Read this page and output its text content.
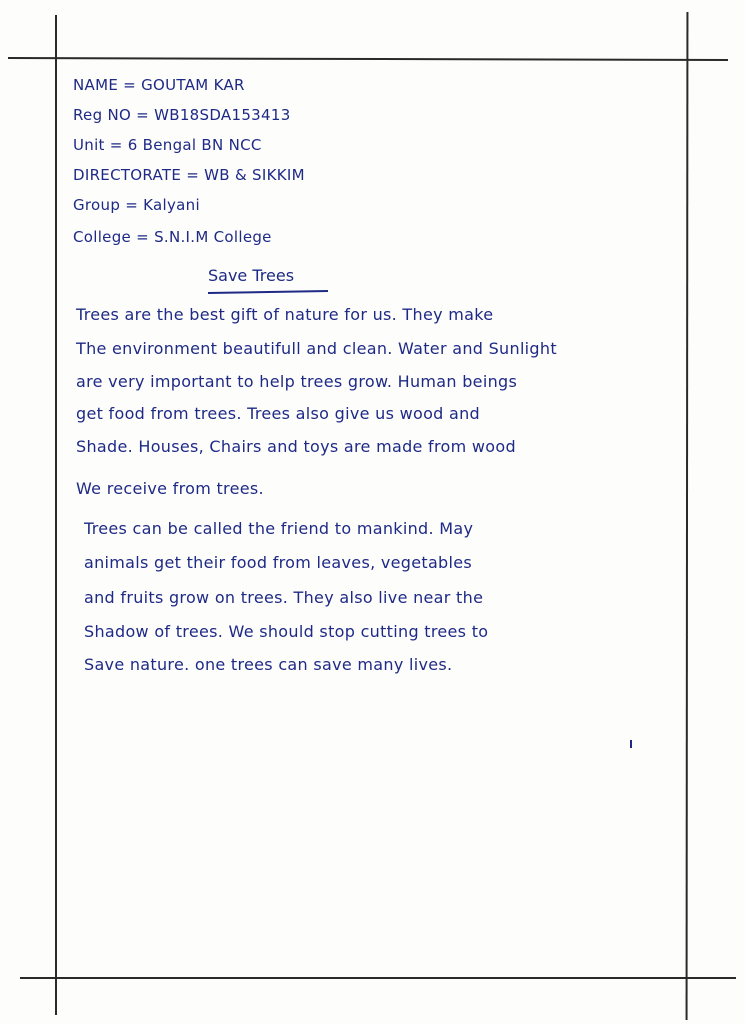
NAME = GOUTAM KAR

Reg NO = WB18SDA153413

Unit = 6 Bengal BN NCC

DIRECTORATE = WB & SIKKIM

Group = Kalyani

College = S.N.I.M College

Save Trees

Trees are the best gift of nature for us. They make

The environment beautifull and clean. Water and Sunlight

are very important to help trees grow. Human beings

get food from trees. Trees also give us wood and

Shade. Houses, Chairs and toys are made from wood

We receive from trees.

Trees can be called the friend to mankind. May

animals get their food from leaves, vegetables

and fruits grow on trees. They also live near the

Shadow of trees. We should stop cutting trees to

Save nature. one trees can save many lives.
